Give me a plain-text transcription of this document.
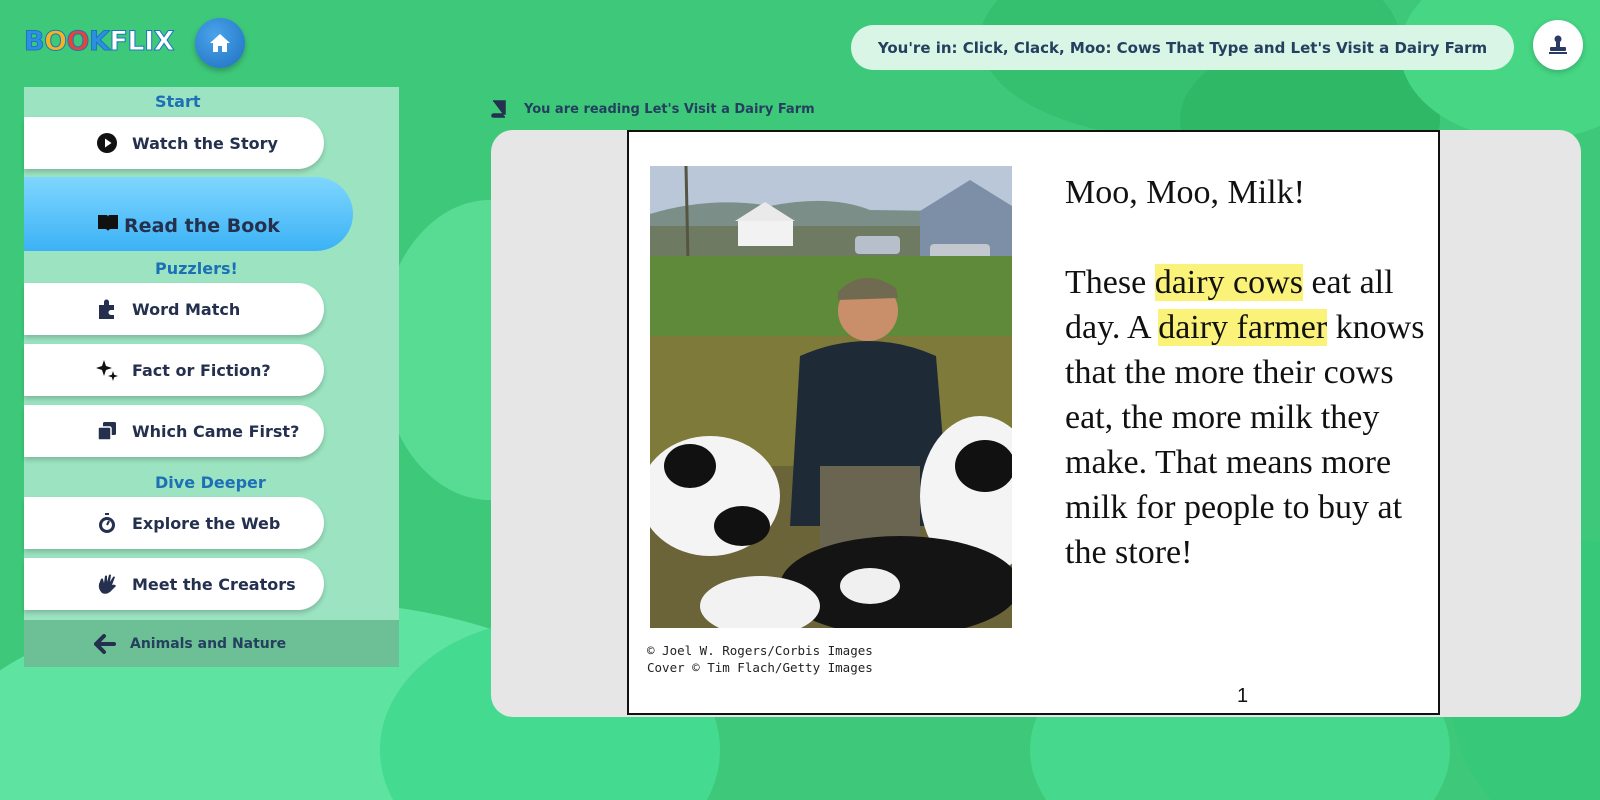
BOOKFLIX	You're in: Click, Clack, Moo: Cows That Type and Let's Visit a Dairy Farm
Start
Watch the Story
Read the Book
Puzzlers!
Word Match
Fact or Fiction?
Which Came First?
Dive Deeper
Explore the Web
Meet the Creators
Animals and Nature
You are reading Let's Visit a Dairy Farm
© Joel W. Rogers/Corbis Images
Cover © Tim Flach/Getty Images

Moo, Moo, Milk!

These dairy cows eat all day. A dairy farmer knows that the more their cows eat, the more milk they make. That means more milk for people to buy at the store!

1
